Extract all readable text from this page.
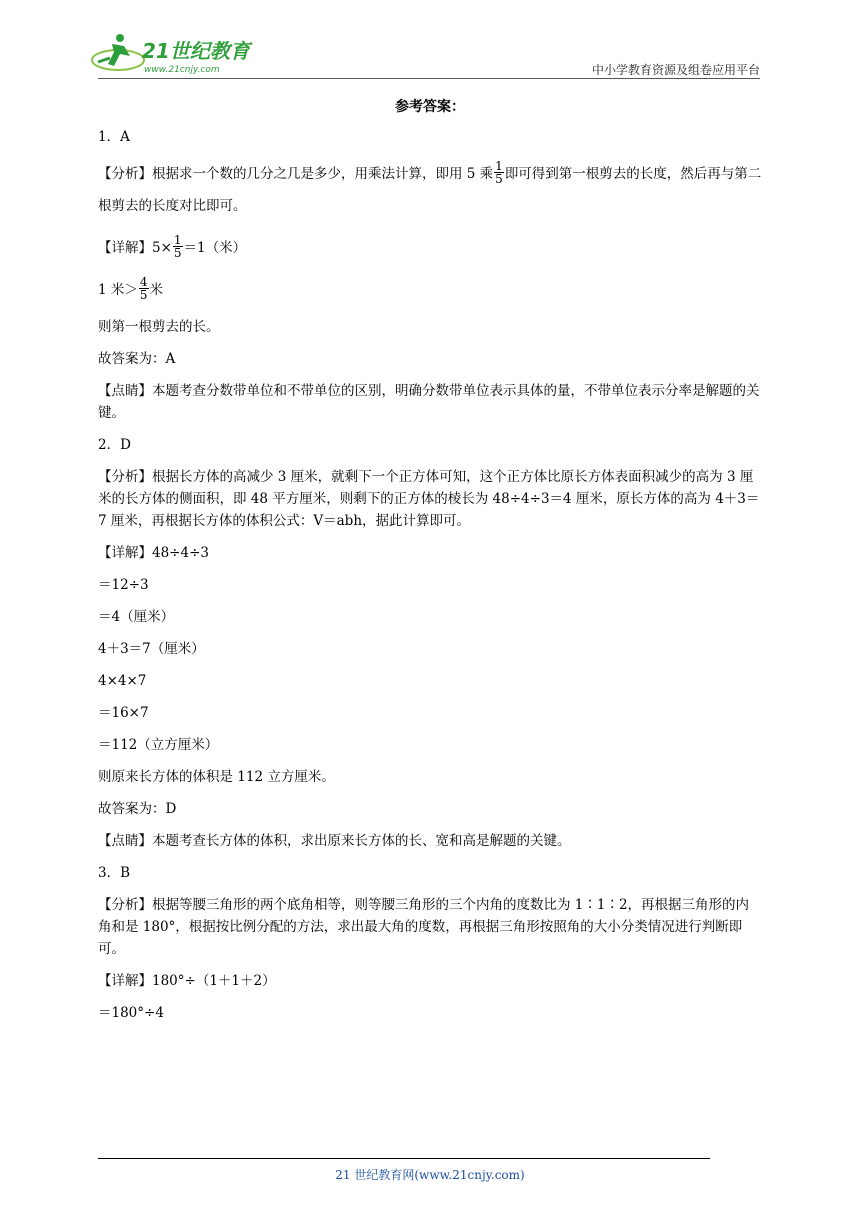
21世纪教育
www.21cnjy.com	中小学教育资源及组卷应用平台
参考答案：
1．A
【分析】根据求一个数的几分之几是多少，用乘法计算，即用 5 乘 $\frac{1}{5}$ 即可得到第一根剪去的长度，然后再与第二根剪去的长度对比即可。
【详解】$5\times \frac{1}{5} =1$（米）
1 米＞ $\frac{4}{5}$ 米
则第一根剪去的长。
故答案为：A
【点睛】本题考查分数带单位和不带单位的区别，明确分数带单位表示具体的量，不带单位表示分率是解题的关键。
2．D
【分析】根据长方体的高减少 3 厘米，就剩下一个正方体可知，这个正方体比原长方体表面积减少的高为 3 厘米的长方体的侧面积，即 48 平方厘米，则剩下的正方体的棱长为 48÷4÷3＝4 厘米，原长方体的高为 4＋3＝7 厘米，再根据长方体的体积公式：V＝abh，据此计算即可。
【详解】48÷4÷3
＝12÷3
＝4（厘米）
4＋3＝7（厘米）
4×4×7
＝16×7
＝112（立方厘米）
则原来长方体的体积是 112 立方厘米。
故答案为：D
【点睛】本题考查长方体的体积，求出原来长方体的长、宽和高是解题的关键。
3．B
【分析】根据等腰三角形的两个底角相等，则等腰三角形的三个内角的度数比为 1∶1∶2，再根据三角形的内角和是 180°，根据按比例分配的方法，求出最大角的度数，再根据三角形按照角的大小分类情况进行判断即可。
【详解】180°÷（1＋1＋2）
＝180°÷4
21 世纪教育网(www.21cnjy.com)
